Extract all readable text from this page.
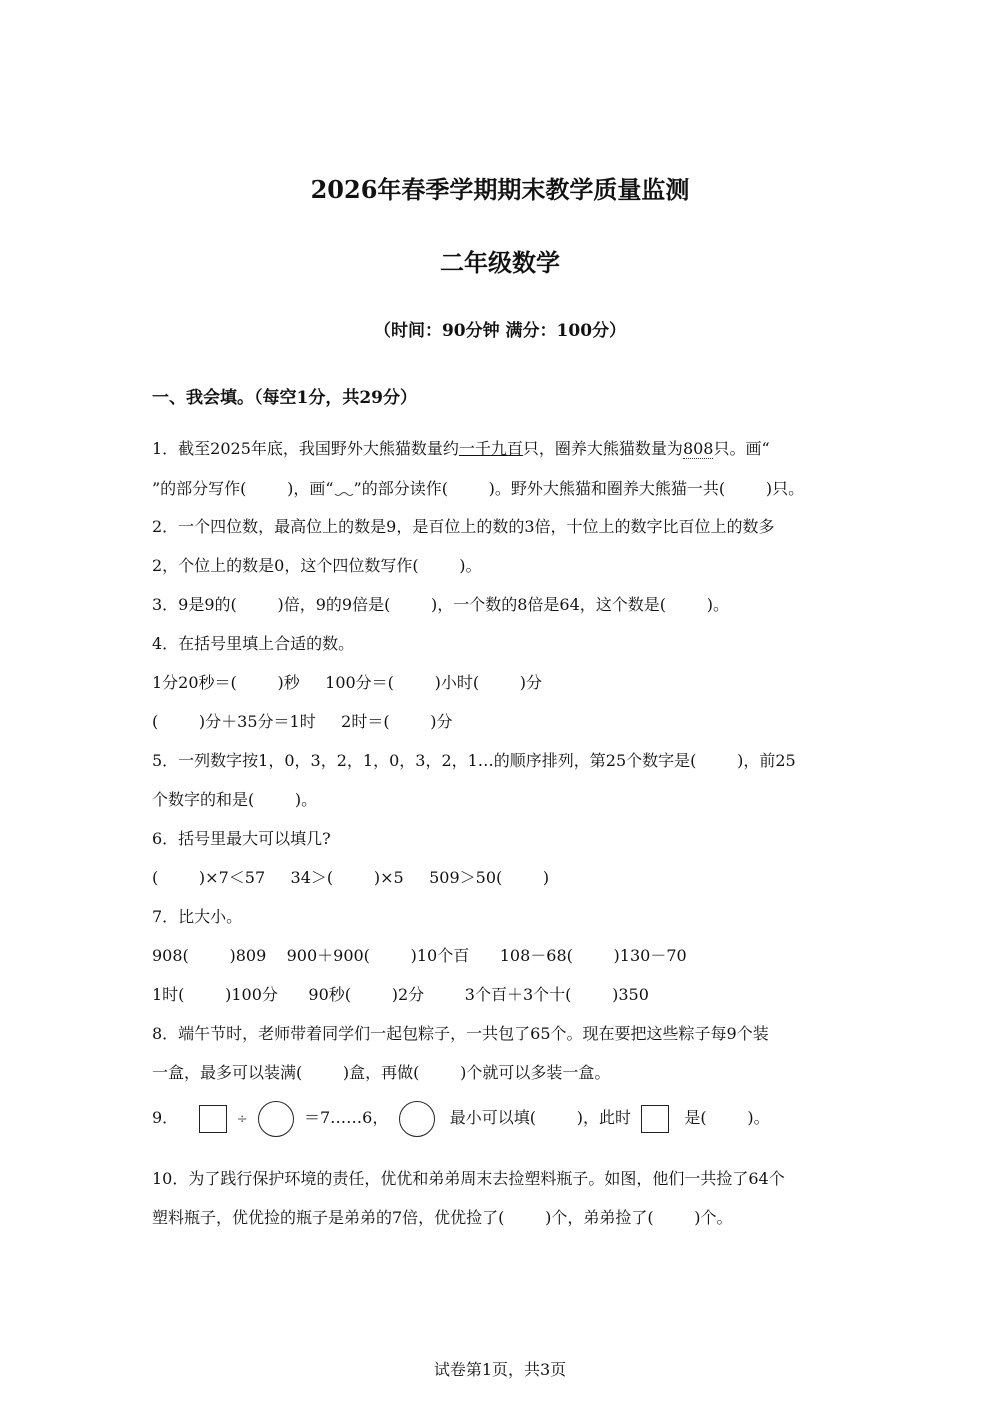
2026年春季学期期末教学质量监测
二年级数学
（时间：90分钟 满分：100分）
一、我会填。（每空1分，共29分）
1．截至2025年底，我国野外大熊猫数量约一千九百只，圈养大熊猫数量为808只。画“
”的部分写作(        )，画“ ”的部分读作(        )。野外大熊猫和圈养大熊猫一共(        )只。
2．一个四位数，最高位上的数是9，是百位上的数的3倍，十位上的数字比百位上的数多
2，个位上的数是0，这个四位数写作(        )。
3．9是9的(        )倍，9的9倍是(        )，一个数的8倍是64，这个数是(        )。
4．在括号里填上合适的数。
1分20秒＝(        )秒     100分＝(        )小时(        )分
(        )分＋35分＝1时     2时＝(        )分
5．一列数字按1，0，3，2，1，0，3，2，1…的顺序排列，第25个数字是(        )，前25
个数字的和是(        )。
6．括号里最大可以填几?
(        )×7＜57     34＞(        )×5     509＞50(        )
7．比大小。
908(        )809    900＋900(        )10个百      108－68(        )130－70
1时(        )100分      90秒(        )2分        3个百＋3个十(        )350
8．端午节时，老师带着同学们一起包粽子，一共包了65个。现在要把这些粽子每9个装
一盒，最多可以装满(        )盒，再做(        )个就可以多装一盒。
9．	÷	＝7……6，	最小可以填(        )，此时	是(        )。
10．为了践行保护环境的责任，优优和弟弟周末去捡塑料瓶子。如图，他们一共捡了64个
塑料瓶子，优优捡的瓶子是弟弟的7倍，优优捡了(        )个，弟弟捡了(        )个。
试卷第1页，共3页
